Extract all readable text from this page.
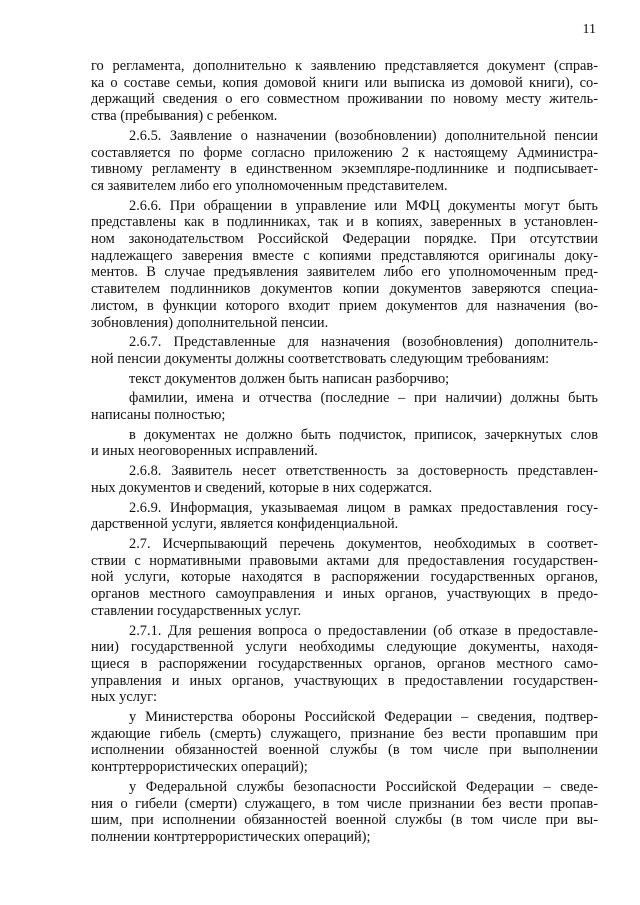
11
го регламента, дополнительно к заявлению представляется документ (справ-
ка о составе семьи, копия домовой книги или выписка из домовой книги), со-
держащий сведения о его совместном проживании по новому месту житель-
ства (пребывания) с ребенком.
2.6.5. Заявление о назначении (возобновлении) дополнительной пенсии
составляется по форме согласно приложению 2 к настоящему Администра-
тивному регламенту в единственном экземпляре-подлиннике и подписывает-
ся заявителем либо его уполномоченным представителем.
2.6.6. При обращении в управление или МФЦ документы могут быть
представлены как в подлинниках, так и в копиях, заверенных в установлен-
ном законодательством Российской Федерации порядке. При отсутствии
надлежащего заверения вместе с копиями представляются оригиналы доку-
ментов. В случае предъявления заявителем либо его уполномоченным пред-
ставителем подлинников документов копии документов заверяются специа-
листом, в функции которого входит прием документов для назначения (во-
зобновления) дополнительной пенсии.
2.6.7. Представленные для назначения (возобновления) дополнитель-
ной пенсии документы должны соответствовать следующим требованиям:
текст документов должен быть написан разборчиво;
фамилии, имена и отчества (последние – при наличии) должны быть
написаны полностью;
в документах не должно быть подчисток, приписок, зачеркнутых слов
и иных неоговоренных исправлений.
2.6.8. Заявитель несет ответственность за достоверность представлен-
ных документов и сведений, которые в них содержатся.
2.6.9. Информация, указываемая лицом в рамках предоставления госу-
дарственной услуги, является конфиденциальной.
2.7. Исчерпывающий перечень документов, необходимых в соответ-
ствии с нормативными правовыми актами для предоставления государствен-
ной услуги, которые находятся в распоряжении государственных органов,
органов местного самоуправления и иных органов, участвующих в предо-
ставлении государственных услуг.
2.7.1. Для решения вопроса о предоставлении (об отказе в предоставле-
нии) государственной услуги необходимы следующие документы, находя-
щиеся в распоряжении государственных органов, органов местного само-
управления и иных органов, участвующих в предоставлении государствен-
ных услуг:
у Министерства обороны Российской Федерации – сведения, подтвер-
ждающие гибель (смерть) служащего, признание без вести пропавшим при
исполнении обязанностей военной службы (в том числе при выполнении
контртеррористических операций);
у Федеральной службы безопасности Российской Федерации – сведе-
ния о гибели (смерти) служащего, в том числе признании без вести пропав-
шим, при исполнении обязанностей военной службы (в том числе при вы-
полнении контртеррористических операций);
